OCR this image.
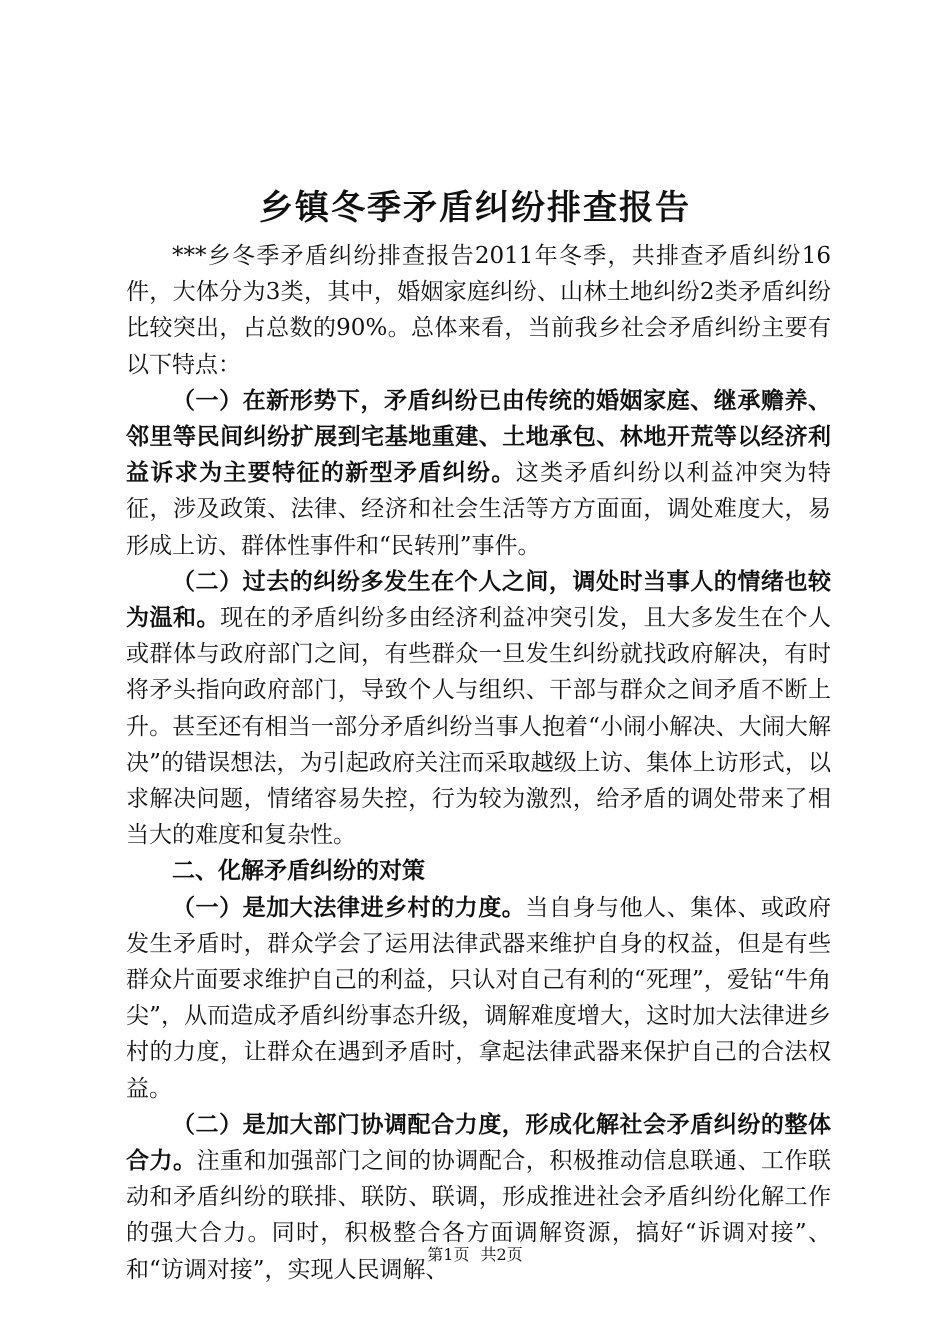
乡镇冬季矛盾纠纷排查报告

***乡冬季矛盾纠纷排查报告2011年冬季，共排查矛盾纠纷16件，大体分为3类，其中，婚姻家庭纠纷、山林土地纠纷2类矛盾纠纷比较突出，占总数的90%。总体来看，当前我乡社会矛盾纠纷主要有以下特点：

（一）在新形势下，矛盾纠纷已由传统的婚姻家庭、继承赡养、邻里等民间纠纷扩展到宅基地重建、土地承包、林地开荒等以经济利益诉求为主要特征的新型矛盾纠纷。这类矛盾纠纷以利益冲突为特征，涉及政策、法律、经济和社会生活等方方面面，调处难度大，易形成上访、群体性事件和“民转刑”事件。

（二）过去的纠纷多发生在个人之间，调处时当事人的情绪也较为温和。现在的矛盾纠纷多由经济利益冲突引发，且大多发生在个人或群体与政府部门之间，有些群众一旦发生纠纷就找政府解决，有时将矛头指向政府部门，导致个人与组织、干部与群众之间矛盾不断上升。甚至还有相当一部分矛盾纠纷当事人抱着“小闹小解决、大闹大解决”的错误想法，为引起政府关注而采取越级上访、集体上访形式，以求解决问题，情绪容易失控，行为较为激烈，给矛盾的调处带来了相当大的难度和复杂性。

二、化解矛盾纠纷的对策

（一）是加大法律进乡村的力度。当自身与他人、集体、或政府发生矛盾时，群众学会了运用法律武器来维护自身的权益，但是有些群众片面要求维护自己的利益，只认对自己有利的“死理”，爱钻“牛角尖”，从而造成矛盾纠纷事态升级，调解难度增大，这时加大法律进乡村的力度，让群众在遇到矛盾时，拿起法律武器来保护自己的合法权益。

（二）是加大部门协调配合力度，形成化解社会矛盾纠纷的整体合力。注重和加强部门之间的协调配合，积极推动信息联通、工作联动和矛盾纠纷的联排、联防、联调，形成推进社会矛盾纠纷化解工作的强大合力。同时，积极整合各方面调解资源，搞好“诉调对接”、和“访调对接”，实现人民调解、

第1页 共2页
